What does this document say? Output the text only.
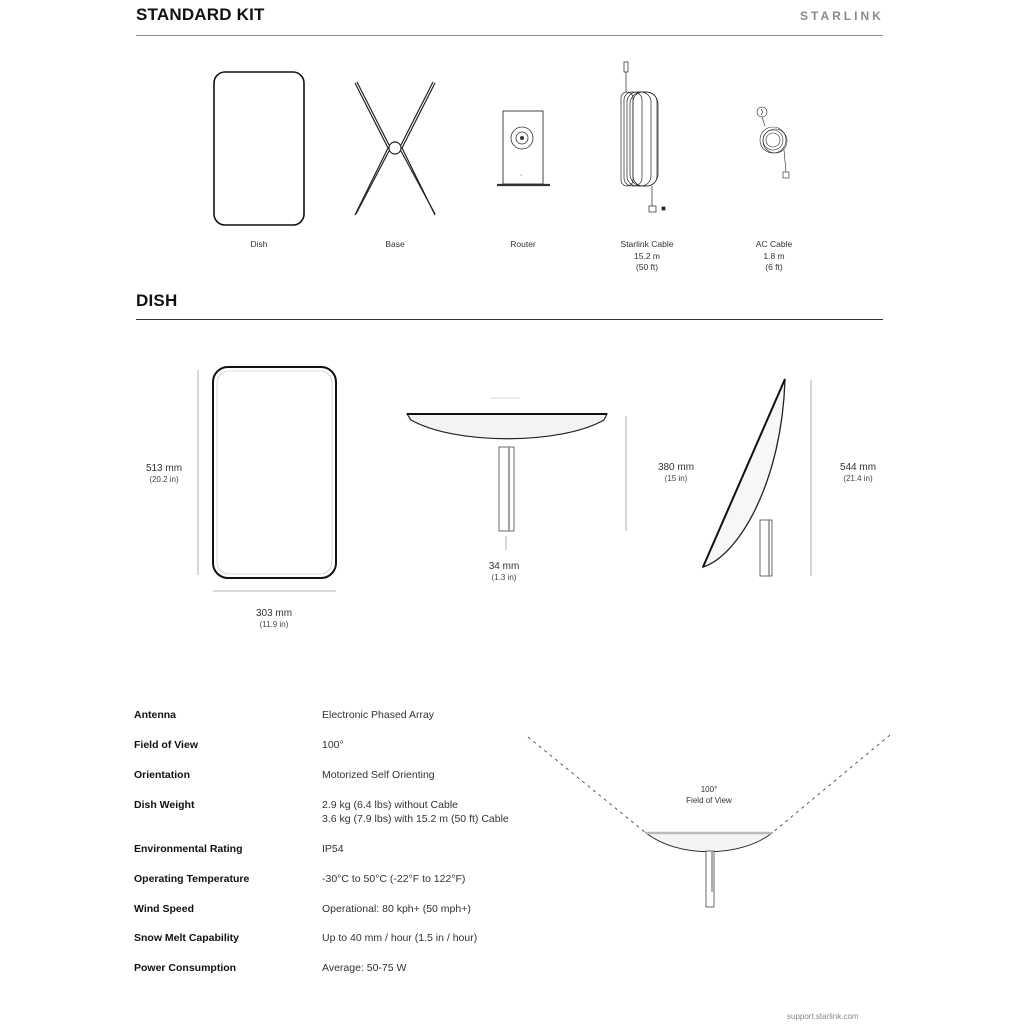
STANDARD KIT	STARLINK
×
Dish	Base	Router	Starlink Cable
15.2 m
(50 ft)
AC Cable
1.8 m
(6 ft)
DISH
513 mm
(20.2 in)
303 mm
(11.9 in)
34 mm
(1.3 in)
380 mm
(15 in)
544 mm
(21.4 in)
Antenna	Electronic Phased Array
Field of View	100°
Orientation	Motorized Self Orienting
Dish Weight	2.9 kg (6.4 lbs) without Cable
3.6 kg (7.9 lbs) with 15.2 m (50 ft) Cable
Environmental Rating	IP54
Operating Temperature	-30°C to 50°C (-22°F to 122°F)
Wind Speed	Operational: 80 kph+ (50 mph+)
Snow Melt Capability	Up to 40 mm / hour (1.5 in / hour)
Power Consumption	Average: 50-75 W
100°
Field of View
support.starlink.com
